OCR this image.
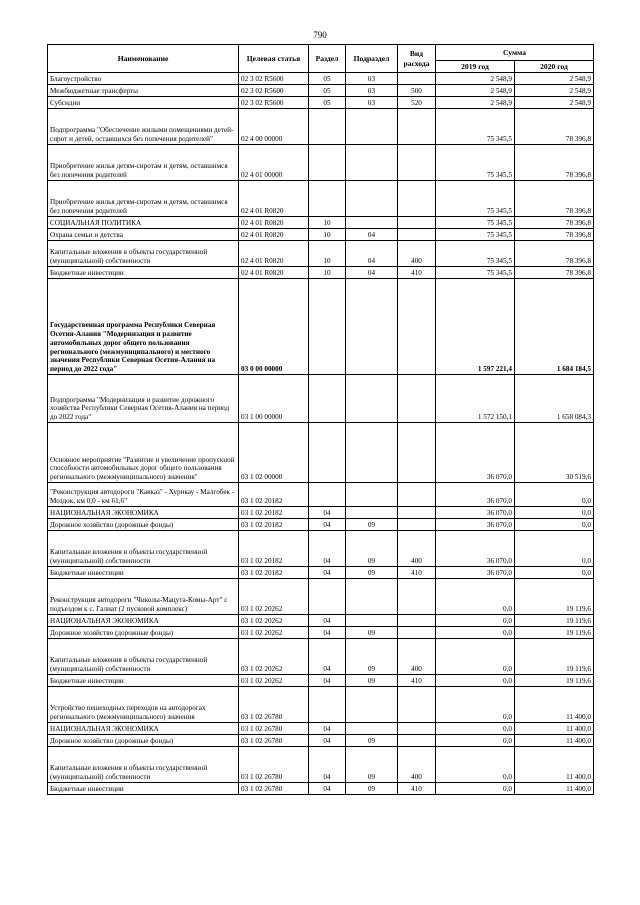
790
Наименование	Целевая статья	Раздел	Подраздел	Вид расхода	Сумма	
					2019 год	2020 год
Благоустройство	02 3 02 R5600	05	03		2 548,9	2 548,9
Межбюджетные трансферты	02 3 02 R5600	05	03	500	2 548,9	2 548,9
Субсидии	02 3 02 R5600	05	03	520	2 548,9	2 548,9
Подпрограмма "Обеспечение жилыми помещениями детей-сирот и детей, оставшихся без попечения родителей"	02 4 00 00000				75 345,5	78 396,8
Приобретение жилья детям-сиротам и детям, оставшимся без попечения родителей	02 4 01 00000				75 345,5	78 396,8
Приобретение жилья детям-сиротам и детям, оставшимся без попечения родителей	02 4 01 R0820				75 345,5	78 396,8
СОЦИАЛЬНАЯ ПОЛИТИКА	02 4 01 R0820	10			75 345,5	78 396,8
Охрана семьи и детства	02 4 01 R0820	10	04		75 345,5	78 396,8
Капитальные вложения в объекты государственной (муниципальной) собственности	02 4 01 R0820	10	04	400	75 345,5	78 396,8
Бюджетные инвестиции	02 4 01 R0820	10	04	410	75 345,5	78 396,8
Государственная программа Республики Северная Осетия-Алания "Модернизация и развитие автомобильных дорог общего пользования регионального (межмуниципального) и местного значения Республики Северная Осетия-Алания на период до 2022 года"	03 0 00 00000				1 597 221,4	1 684 184,5
Подпрограмма "Модернизация и развитие дорожного хозяйства Республики Северная Осетия-Алания на период до 2022 года"	03 1 00 00000				1 572 150,1	1 658 084,3
Основное мероприятие "Развитие и увеличение пропускной способности автомобильных дорог общего пользования регионального (межмуниципального) значения"	03 1 02 00000				36 070,0	30 519,6
"Реконструкция автодороги "Кавказ" - Хурикау - Малгобек - Моздок, км 0,0 - км 61,6"	03 1 02 20182				36 070,0	0,0
НАЦИОНАЛЬНАЯ ЭКОНОМИКА	03 1 02 20182	04			36 070,0	0,0
Дорожное хозяйство (дорожные фонды)	03 1 02 20182	04	09		36 070,0	0,0
Капитальные вложения в объекты государственной (муниципальной) собственности	03 1 02 20182	04	09	400	36 070,0	0,0
Бюджетные инвестиции	03 1 02 20182	04	09	410	36 070,0	0,0
Реконструкция автодороги "Чиколы-Мацута-Комы-Арт" с подъездом к с. Галиат (2 пусковой комплекс)	03 1 02 20262				0,0	19 119,6
НАЦИОНАЛЬНАЯ ЭКОНОМИКА	03 1 02 20262	04			0,0	19 119,6
Дорожное хозяйство (дорожные фонды)	03 1 02 20262	04	09		0,0	19 119,6
Капитальные вложения в объекты государственной (муниципальной) собственности	03 1 02 20262	04	09	400	0,0	19 119,6
Бюджетные инвестиции	03 1 02 20262	04	09	410	0,0	19 119,6
Устройство пешеходных переходов на автодорогах регионального (межмуниципального) значения	03 1 02 26780				0,0	11 400,0
НАЦИОНАЛЬНАЯ ЭКОНОМИКА	03 1 02 26780	04			0,0	11 400,0
Дорожное хозяйство (дорожные фонды)	03 1 02 26780	04	09		0,0	11 400,0
Капитальные вложения в объекты государственной (муниципальной) собственности	03 1 02 26780	04	09	400	0,0	11 400,0
Бюджетные инвестиции	03 1 02 26780	04	09	410	0,0	11 400,0
